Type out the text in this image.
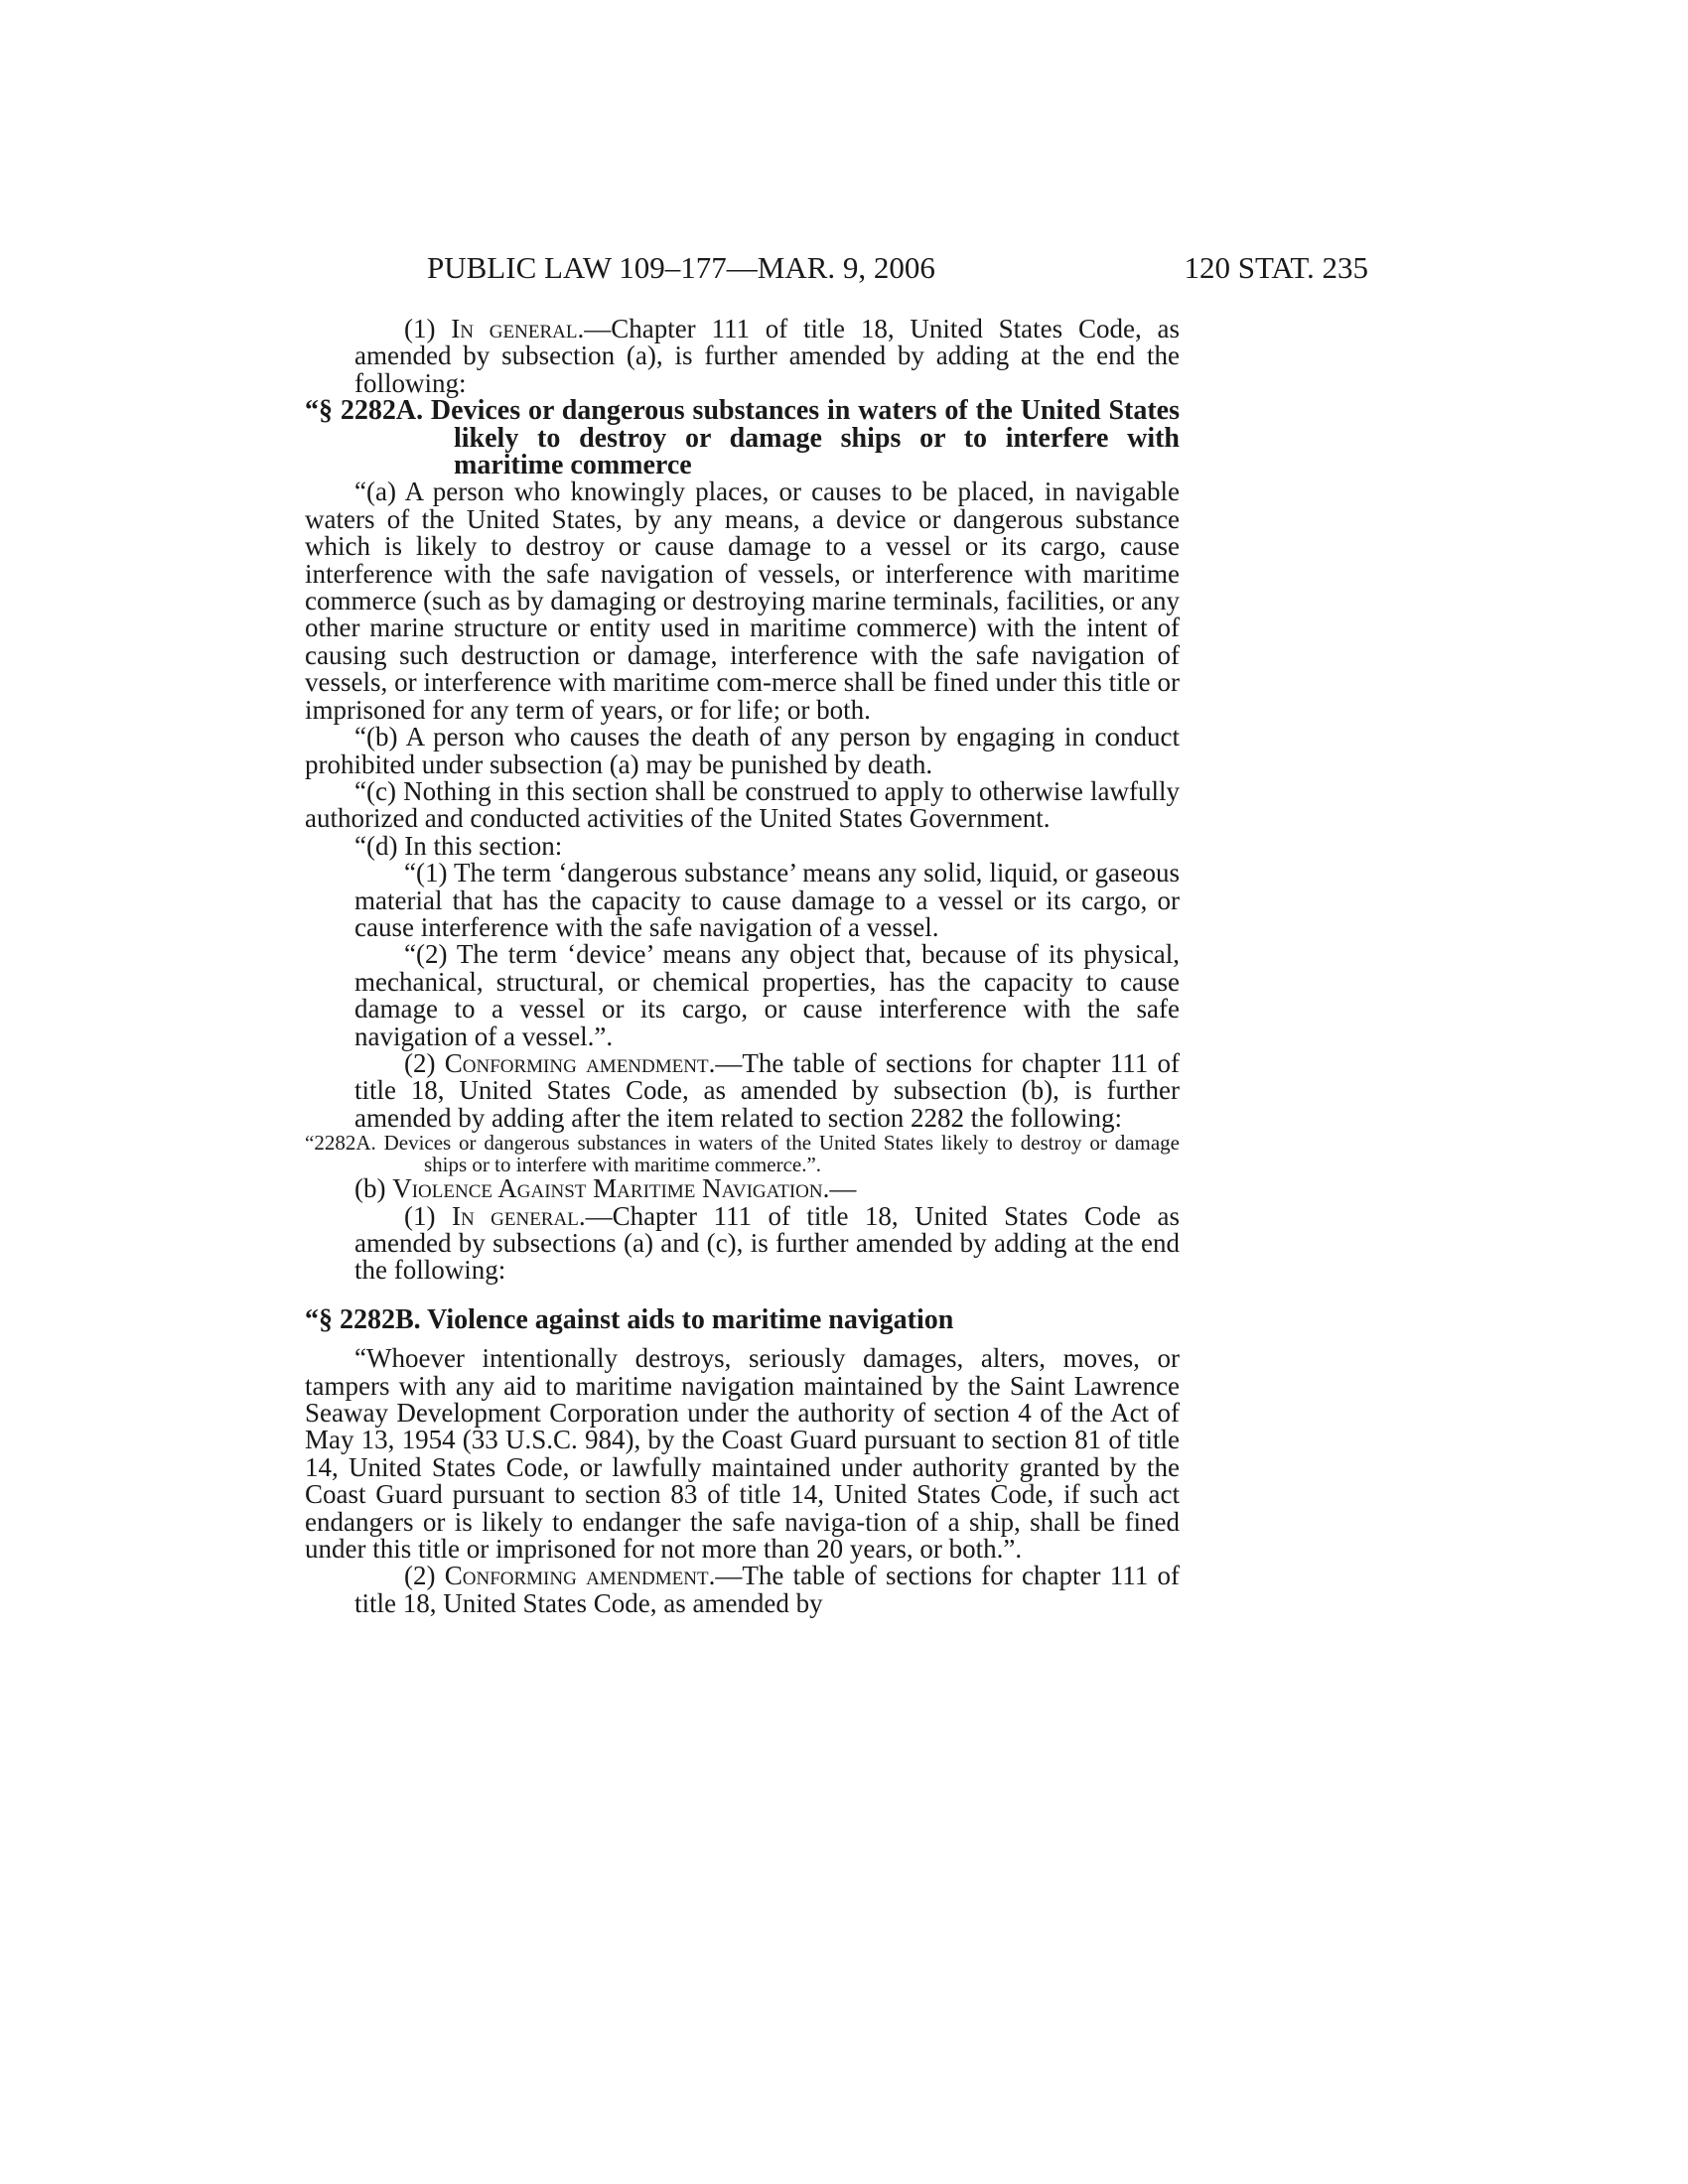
PUBLIC LAW 109–177—MAR. 9, 2006	120 STAT. 235

(1) In general.—Chapter 111 of title 18, United States Code, as amended by subsection (a), is further amended by adding at the end the following:

“§ 2282A. Devices or dangerous substances in waters of the United States likely to destroy or damage ships or to interfere with maritime commerce

“(a) A person who knowingly places, or causes to be placed, in navigable waters of the United States, by any means, a device or dangerous substance which is likely to destroy or cause damage to a vessel or its cargo, cause interference with the safe navigation of vessels, or interference with maritime commerce (such as by damaging or destroying marine terminals, facilities, or any other marine structure or entity used in maritime commerce) with the intent of causing such destruction or damage, interference with the safe navigation of vessels, or interference with maritime com-merce shall be fined under this title or imprisoned for any term of years, or for life; or both.

“(b) A person who causes the death of any person by engaging in conduct prohibited under subsection (a) may be punished by death.

“(c) Nothing in this section shall be construed to apply to otherwise lawfully authorized and conducted activities of the United States Government.

“(d) In this section:

“(1) The term ‘dangerous substance’ means any solid, liquid, or gaseous material that has the capacity to cause damage to a vessel or its cargo, or cause interference with the safe navigation of a vessel.

“(2) The term ‘device’ means any object that, because of its physical, mechanical, structural, or chemical properties, has the capacity to cause damage to a vessel or its cargo, or cause interference with the safe navigation of a vessel.”.

(2) Conforming amendment.—The table of sections for chapter 111 of title 18, United States Code, as amended by subsection (b), is further amended by adding after the item related to section 2282 the following:

“2282A. Devices or dangerous substances in waters of the United States likely to destroy or damage ships or to interfere with maritime commerce.”.

(b) Violence Against Maritime Navigation.—

(1) In general.—Chapter 111 of title 18, United States Code as amended by subsections (a) and (c), is further amended by adding at the end the following:

“§ 2282B. Violence against aids to maritime navigation

“Whoever intentionally destroys, seriously damages, alters, moves, or tampers with any aid to maritime navigation maintained by the Saint Lawrence Seaway Development Corporation under the authority of section 4 of the Act of May 13, 1954 (33 U.S.C. 984), by the Coast Guard pursuant to section 81 of title 14, United States Code, or lawfully maintained under authority granted by the Coast Guard pursuant to section 83 of title 14, United States Code, if such act endangers or is likely to endanger the safe naviga-tion of a ship, shall be fined under this title or imprisoned for not more than 20 years, or both.”.

(2) Conforming amendment.—The table of sections for chapter 111 of title 18, United States Code, as amended by
